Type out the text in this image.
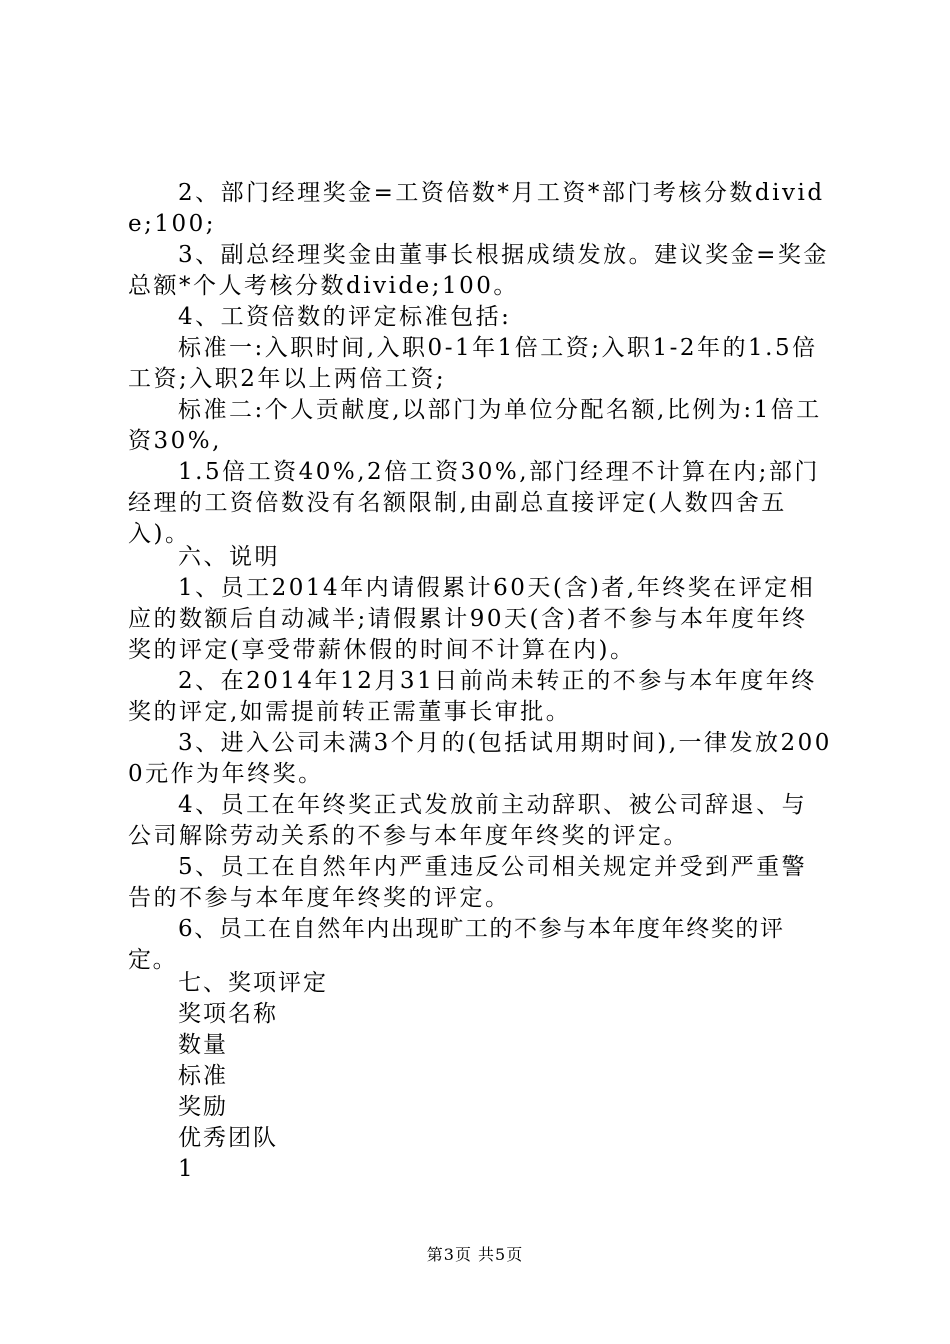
2、部门经理奖金=工资倍数*月工资*部门考核分数divide;100;
3、副总经理奖金由董事长根据成绩发放。建议奖金=奖金总额*个人考核分数divide;100。
4、工资倍数的评定标准包括:
标准一:入职时间,入职0-1年1倍工资;入职1-2年的1.5倍工资;入职2年以上两倍工资;
标准二:个人贡献度,以部门为单位分配名额,比例为:1倍工资30%,
1.5倍工资40%,2倍工资30%,部门经理不计算在内;部门经理的工资倍数没有名额限制,由副总直接评定(人数四舍五入)。
六、说明
1、员工2014年内请假累计60天(含)者,年终奖在评定相应的数额后自动减半;请假累计90天(含)者不参与本年度年终奖的评定(享受带薪休假的时间不计算在内)。
2、在2014年12月31日前尚未转正的不参与本年度年终奖的评定,如需提前转正需董事长审批。
3、进入公司未满3个月的(包括试用期时间),一律发放2000元作为年终奖。
4、员工在年终奖正式发放前主动辞职、被公司辞退、与公司解除劳动关系的不参与本年度年终奖的评定。
5、员工在自然年内严重违反公司相关规定并受到严重警告的不参与本年度年终奖的评定。
6、员工在自然年内出现旷工的不参与本年度年终奖的评定。
七、奖项评定
奖项名称
数量
标准
奖励
优秀团队
1
第3页 共5页
